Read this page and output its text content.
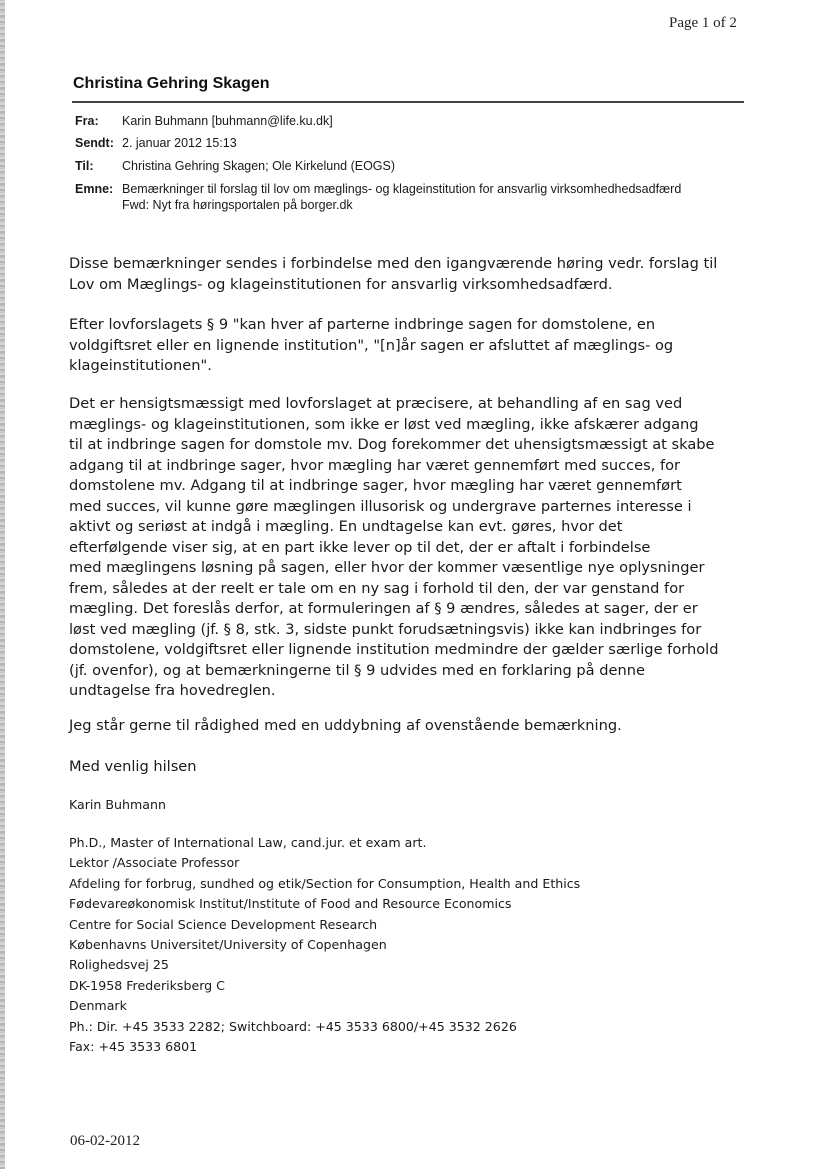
Page 1 of 2
Christina Gehring Skagen
Fra: Karin Buhmann [buhmann@life.ku.dk]
Sendt: 2. januar 2012 15:13
Til: Christina Gehring Skagen; Ole Kirkelund (EOGS)
Emne: Bemærkninger til forslag til lov om mæglings- og klageinstitution for ansvarlig virksomhedhedsadfærd
Fwd: Nyt fra høringsportalen på borger.dk
Disse bemærkninger sendes i forbindelse med den igangværende høring vedr. forslag til
Lov om Mæglings- og klageinstitutionen for ansvarlig virksomhedsadfærd.
Efter lovforslagets § 9 "kan hver af parterne indbringe sagen for domstolene, en
voldgiftsret eller en lignende institution", "[n]år sagen er afsluttet af mæglings- og
klageinstitutionen".
Det er hensigtsmæssigt med lovforslaget at præcisere, at behandling af en sag ved
mæglings- og klageinstitutionen, som ikke er løst ved mægling, ikke afskærer adgang
til at indbringe sagen for domstole mv. Dog forekommer det uhensigtsmæssigt at skabe
adgang til at indbringe sager, hvor mægling har været gennemført med succes, for
domstolene mv. Adgang til at indbringe sager, hvor mægling har været gennemført
med succes, vil kunne gøre mæglingen illusorisk og undergrave parternes interesse i
aktivt og seriøst at indgå i mægling. En undtagelse kan evt. gøres, hvor det
efterfølgende viser sig, at en part ikke lever op til det, der er aftalt i forbindelse
med mæglingens løsning på sagen, eller hvor der kommer væsentlige nye oplysninger
frem, således at der reelt er tale om en ny sag i forhold til den, der var genstand for
mægling. Det foreslås derfor, at formuleringen af § 9 ændres, således at sager, der er
løst ved mægling (jf. § 8, stk. 3, sidste punkt forudsætningsvis) ikke kan indbringes for
domstolene, voldgiftsret eller lignende institution medmindre der gælder særlige forhold
(jf. ovenfor), og at bemærkningerne til § 9 udvides med en forklaring på denne
undtagelse fra hovedreglen.
Jeg står gerne til rådighed med en uddybning af ovenstående bemærkning.
Med venlig hilsen
Karin Buhmann
Ph.D., Master of International Law, cand.jur. et exam art.
Lektor /Associate Professor
Afdeling for forbrug, sundhed og etik/Section for Consumption, Health and Ethics
Fødevareøkonomisk Institut/Institute of Food and Resource Economics
Centre for Social Science Development Research
Københavns Universitet/University of Copenhagen
Rolighedsvej 25
DK-1958 Frederiksberg C
Denmark
Ph.: Dir. +45 3533 2282; Switchboard: +45 3533 6800/+45 3532 2626
Fax: +45 3533 6801
06-02-2012
